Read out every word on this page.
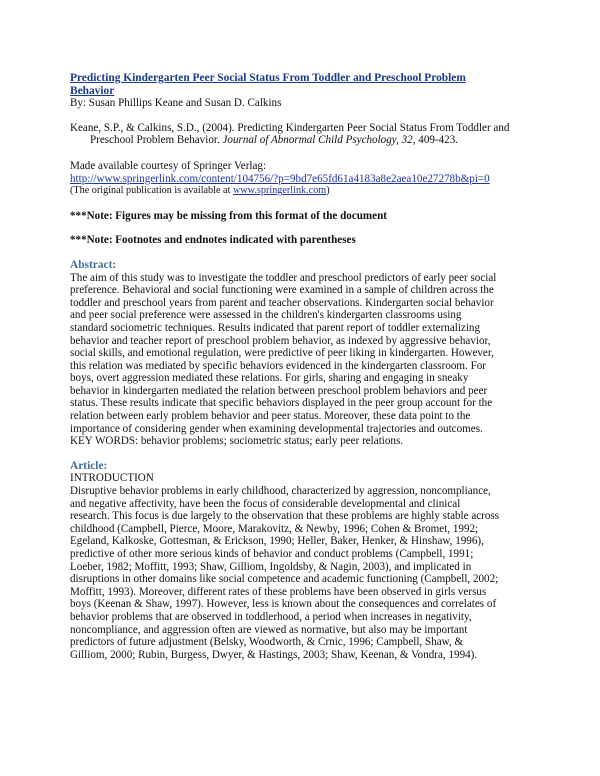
Predicting Kindergarten Peer Social Status From Toddler and Preschool Problem
Behavior

By: Susan Phillips Keane and Susan D. Calkins

Keane, S.P., & Calkins, S.D., (2004). Predicting Kindergarten Peer Social Status From Toddler and

Preschool Problem Behavior. Journal of Abnormal Child Psychology, 32, 409-423.

Made available courtesy of Springer Verlag:

http://www.springerlink.com/content/104756/?p=9bd7e65fd61a4183a8e2aea10e27278b&pi=0

(The original publication is available at www.springerlink.com)

***Note: Figures may be missing from this format of the document

***Note: Footnotes and endnotes indicated with parentheses

Abstract:

The aim of this study was to investigate the toddler and preschool predictors of early peer social

preference. Behavioral and social functioning were examined in a sample of children across the

toddler and preschool years from parent and teacher observations. Kindergarten social behavior

and peer social preference were assessed in the children's kindergarten classrooms using

standard sociometric techniques. Results indicated that parent report of toddler externalizing

behavior and teacher report of preschool problem behavior, as indexed by aggressive behavior,

social skills, and emotional regulation, were predictive of peer liking in kindergarten. However,

this relation was mediated by specific behaviors evidenced in the kindergarten classroom. For

boys, overt aggression mediated these relations. For girls, sharing and engaging in sneaky

behavior in kindergarten mediated the relation between preschool problem behaviors and peer

status. These results indicate that specific behaviors displayed in the peer group account for the

relation between early problem behavior and peer status. Moreover, these data point to the

importance of considering gender when examining developmental trajectories and outcomes.

KEY WORDS: behavior problems; sociometric status; early peer relations.

Article:

INTRODUCTION

Disruptive behavior problems in early childhood, characterized by aggression, noncompliance,

and negative affectivity, have been the focus of considerable developmental and clinical

research. This focus is due largely to the observation that these problems are highly stable across

childhood (Campbell, Pierce, Moore, Marakovitz, & Newby, 1996; Cohen & Bromet, 1992;

Egeland, Kalkoske, Gottesman, & Erickson, 1990; Heller, Baker, Henker, & Hinshaw, 1996),

predictive of other more serious kinds of behavior and conduct problems (Campbell, 1991;

Loeber, 1982; Moffitt, 1993; Shaw, Gilliom, Ingoldsby, & Nagin, 2003), and implicated in

disruptions in other domains like social competence and academic functioning (Campbell, 2002;

Moffitt, 1993). Moreover, different rates of these problems have been observed in girls versus

boys (Keenan & Shaw, 1997). However, less is known about the consequences and correlates of

behavior problems that are observed in toddlerhood, a period when increases in negativity,

noncompliance, and aggression often are viewed as normative, but also may be important

predictors of future adjustment (Belsky, Woodworth, & Crnic, 1996; Campbell, Shaw, &

Gilliom, 2000; Rubin, Burgess, Dwyer, & Hastings, 2003; Shaw, Keenan, & Vondra, 1994).
